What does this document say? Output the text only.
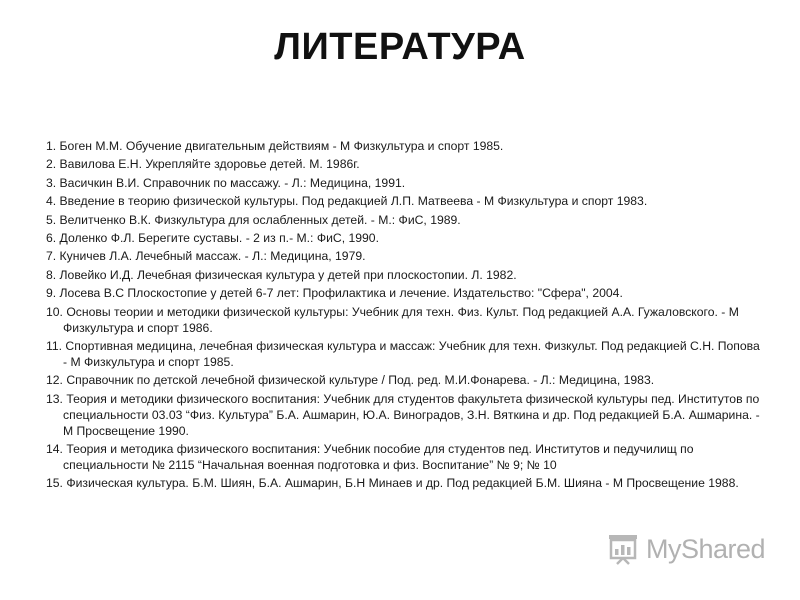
ЛИТЕРАТУРА
1. Боген М.М. Обучение двигательным действиям - М Физкультура и спорт 1985.
2. Вавилова Е.Н. Укрепляйте здоровье детей. М. 1986г.
3. Васичкин В.И. Справочник по массажу. - Л.: Медицина, 1991.
4. Введение в теорию физической культуры. Под редакцией Л.П. Матвеева - М Физкультура и спорт 1983.
5. Велитченко В.К. Физкультура для ослабленных детей. - М.: ФиС, 1989.
6. Доленко Ф.Л. Берегите суставы. - 2 из п.- М.: ФиС, 1990.
7. Куничев Л.А. Лечебный массаж. - Л.: Медицина, 1979.
8. Ловейко И.Д. Лечебная физическая культура у детей при плоскостопии. Л. 1982.
9. Лосева В.С Плоскостопие у детей 6-7 лет: Профилактика и лечение. Издательство: "Сфера", 2004.
10. Основы теории и методики физической культуры: Учебник для техн. Физ. Культ. Под редакцией А.А. Гужаловского. - М Физкультура и спорт 1986.
11. Спортивная медицина, лечебная физическая культура и массаж: Учебник для техн. Физкульт. Под редакцией С.Н. Попова - М Физкультура и спорт 1985.
12. Справочник по детской лечебной физической культуре / Под. ред. М.И.Фонарева. - Л.: Медицина, 1983.
13. Теория и методики физического воспитания: Учебник для студентов факультета физической культуры пед. Институтов по специальности 03.03 “Физ. Культура” Б.А. Ашмарин, Ю.А. Виноградов, З.Н. Вяткина и др. Под редакцией Б.А. Ашмарина. - М Просвещение 1990.
14. Теория и методика физического воспитания: Учебник пособие для студентов пед. Институтов и педучилищ по специальности № 2115 “Начальная военная подготовка и физ. Воспитание” № 9; № 10
15. Физическая культура. Б.М. Шиян, Б.А. Ашмарин, Б.Н Минаев и др. Под редакцией Б.М. Шияна - М Просвещение 1988.
MyShared
